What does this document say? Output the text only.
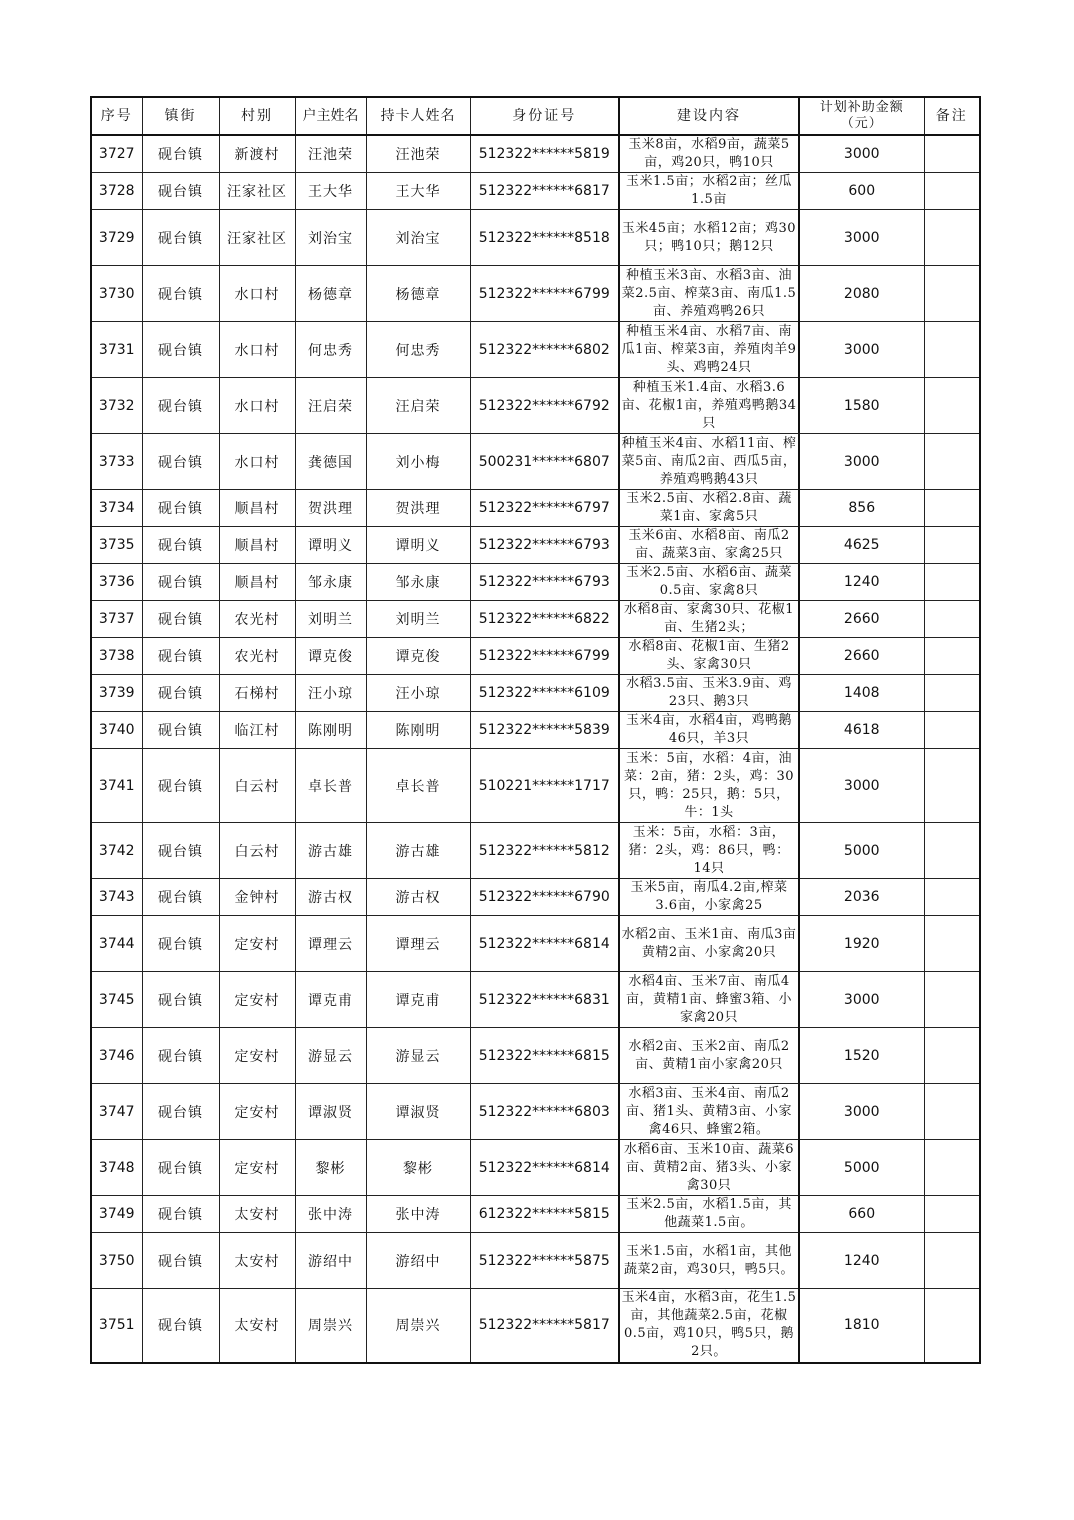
序号	镇街	村别	户主姓名	持卡人姓名	身份证号	建设内容	计划补助金额（元）	备注
3727	砚台镇	新渡村	汪池荣	汪池荣	512322******5819	玉米8亩，水稻9亩，蔬菜5亩，鸡20只，鸭10只	3000	
3728	砚台镇	汪家社区	王大华	王大华	512322******6817	玉米1.5亩；水稻2亩；丝瓜1.5亩	600	
3729	砚台镇	汪家社区	刘治宝	刘治宝	512322******8518	玉米45亩；水稻12亩；鸡30只；鸭10只；鹅12只	3000	
3730	砚台镇	水口村	杨德章	杨德章	512322******6799	种植玉米3亩、水稻3亩、油菜2.5亩、榨菜3亩、南瓜1.5亩、养殖鸡鸭26只	2080	
3731	砚台镇	水口村	何忠秀	何忠秀	512322******6802	种植玉米4亩、水稻7亩、南瓜1亩、榨菜3亩，养殖肉羊9头、鸡鸭24只	3000	
3732	砚台镇	水口村	汪启荣	汪启荣	512322******6792	种植玉米1.4亩、水稻3.6亩、花椒1亩，养殖鸡鸭鹅34只	1580	
3733	砚台镇	水口村	龚德国	刘小梅	500231******6807	种植玉米4亩、水稻11亩、榨菜5亩、南瓜2亩、西瓜5亩，养殖鸡鸭鹅43只	3000	
3734	砚台镇	顺昌村	贺洪理	贺洪理	512322******6797	玉米2.5亩、水稻2.8亩、蔬菜1亩、家禽5只	856	
3735	砚台镇	顺昌村	谭明义	谭明义	512322******6793	玉米6亩、水稻8亩、南瓜2亩、蔬菜3亩、家禽25只	4625	
3736	砚台镇	顺昌村	邹永康	邹永康	512322******6793	玉米2.5亩、水稻6亩、蔬菜0.5亩、家禽8只	1240	
3737	砚台镇	农光村	刘明兰	刘明兰	512322******6822	水稻8亩、家禽30只、花椒1亩、生猪2头；	2660	
3738	砚台镇	农光村	谭克俊	谭克俊	512322******6799	水稻8亩、花椒1亩、生猪2头、家禽30只	2660	
3739	砚台镇	石梯村	汪小琼	汪小琼	512322******6109	水稻3.5亩、玉米3.9亩、鸡23只、鹅3只	1408	
3740	砚台镇	临江村	陈刚明	陈刚明	512322******5839	玉米4亩，水稻4亩，鸡鸭鹅46只，羊3只	4618	
3741	砚台镇	白云村	卓长普	卓长普	510221******1717	玉米：5亩，水稻：4亩，油菜：2亩，猪：2头，鸡：30只，鸭：25只，鹅：5只，牛：1头	3000	
3742	砚台镇	白云村	游古雄	游古雄	512322******5812	玉米：5亩，水稻：3亩，猪：2头，鸡：86只，鸭：14只	5000	
3743	砚台镇	金钟村	游古权	游古权	512322******6790	玉米5亩，南瓜4.2亩,榨菜3.6亩，小家禽25	2036	
3744	砚台镇	定安村	谭理云	谭理云	512322******6814	水稻2亩、玉米1亩、南瓜3亩黄精2亩、小家禽20只	1920	
3745	砚台镇	定安村	谭克甫	谭克甫	512322******6831	水稻4亩、玉米7亩、南瓜4亩，黄精1亩、蜂蜜3箱、小家禽20只	3000	
3746	砚台镇	定安村	游显云	游显云	512322******6815	水稻2亩、玉米2亩、南瓜2亩、黄精1亩小家禽20只	1520	
3747	砚台镇	定安村	谭淑贤	谭淑贤	512322******6803	水稻3亩、玉米4亩、南瓜2亩、猪1头、黄精3亩、小家禽46只、蜂蜜2箱。	3000	
3748	砚台镇	定安村	黎彬	黎彬	512322******6814	水稻6亩、玉米10亩、蔬菜6亩、黄精2亩、猪3头、小家禽30只	5000	
3749	砚台镇	太安村	张中涛	张中涛	612322******5815	玉米2.5亩，水稻1.5亩，其他蔬菜1.5亩。	660	
3750	砚台镇	太安村	游绍中	游绍中	512322******5875	玉米1.5亩，水稻1亩，其他蔬菜2亩，鸡30只，鸭5只。	1240	
3751	砚台镇	太安村	周崇兴	周崇兴	512322******5817	玉米4亩，水稻3亩，花生1.5亩，其他蔬菜2.5亩，花椒0.5亩，鸡10只，鸭5只，鹅2只。	1810	
